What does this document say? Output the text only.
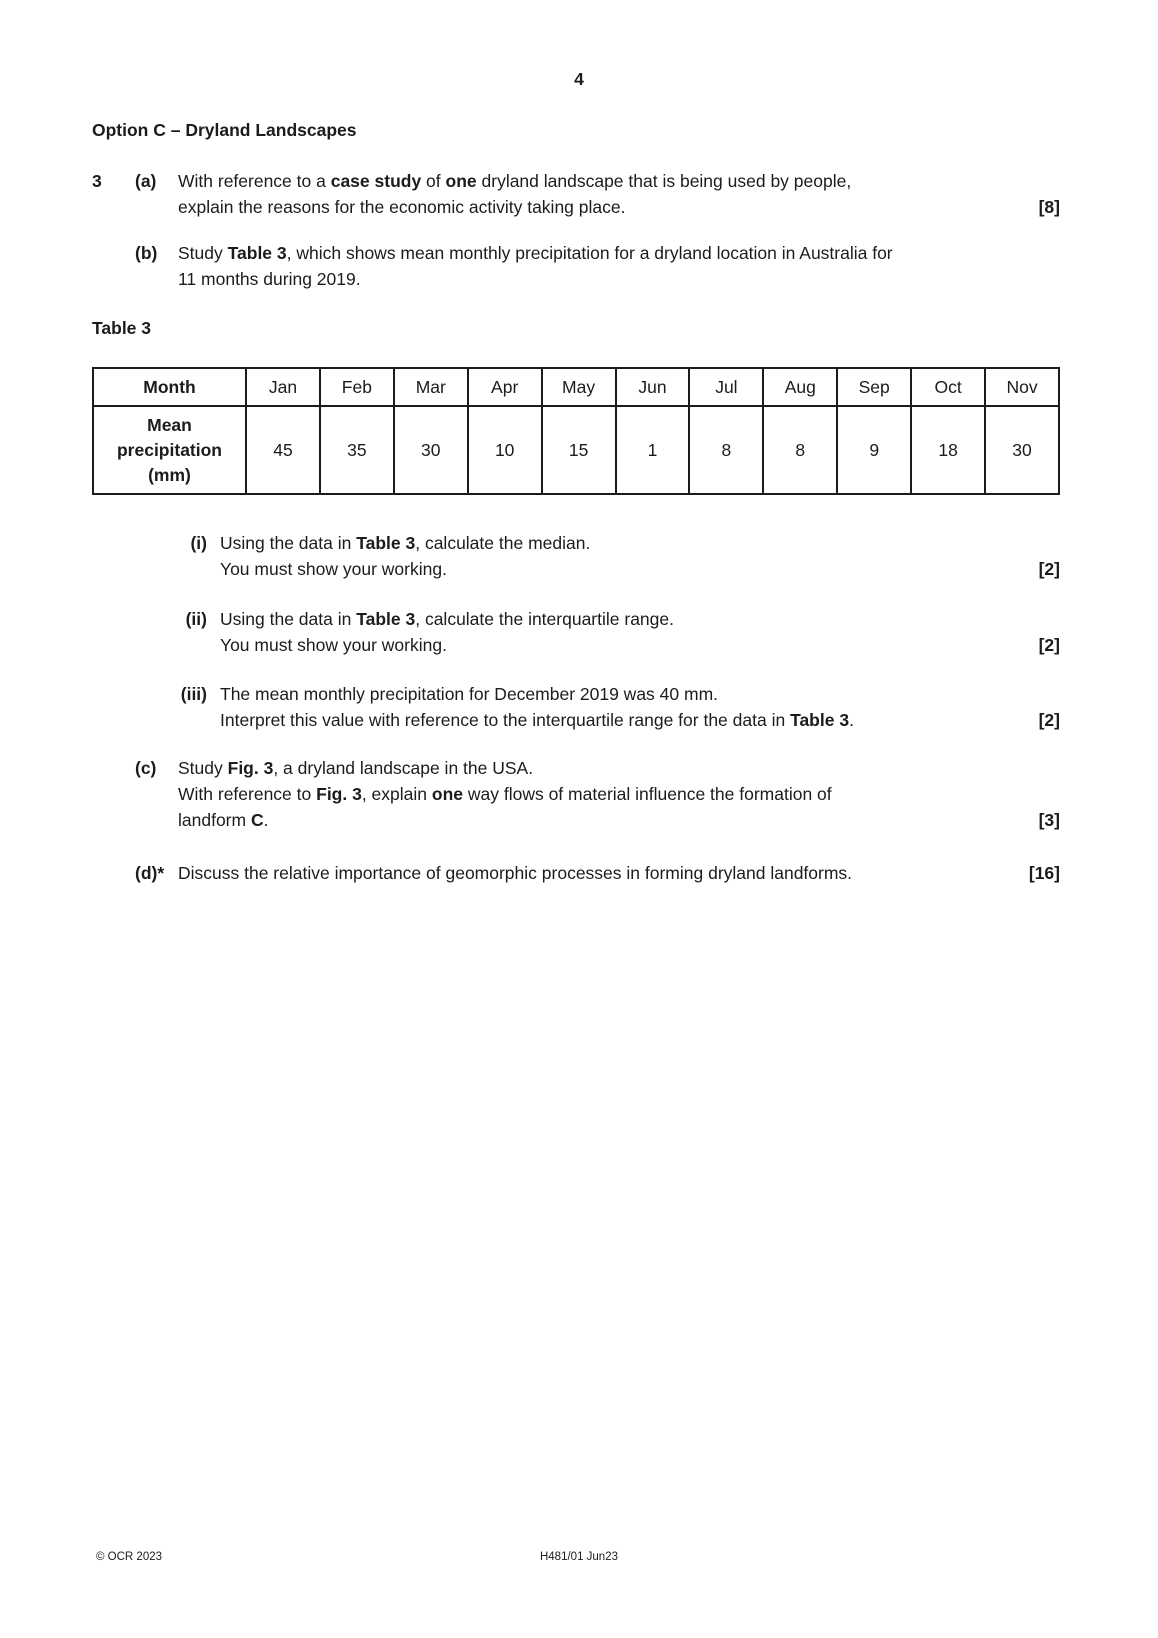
4
Option C – Dryland Landscapes
3	(a)	With reference to a case study of one dryland landscape that is being used by people,
explain the reasons for the economic activity taking place.	[8]
(b)	Study Table 3, which shows mean monthly precipitation for a dryland location in Australia for
11 months during 2019.
Table 3
Month	Jan	Feb	Mar	Apr	May	Jun	Jul	Aug	Sep	Oct	Nov
Mean precipitation (mm)	45	35	30	10	15	1	8	8	9	18	30
(i) Using the data in Table 3, calculate the median.
You must show your working.	[2]
(ii) Using the data in Table 3, calculate the interquartile range.
You must show your working.	[2]
(iii) The mean monthly precipitation for December 2019 was 40 mm.
Interpret this value with reference to the interquartile range for the data in Table 3.	[2]
(c)	Study Fig. 3, a dryland landscape in the USA.
With reference to Fig. 3, explain one way flows of material influence the formation of
landform C.	[3]
(d)* Discuss the relative importance of geomorphic processes in forming dryland landforms.	[16]
© OCR 2023	H481/01 Jun23
